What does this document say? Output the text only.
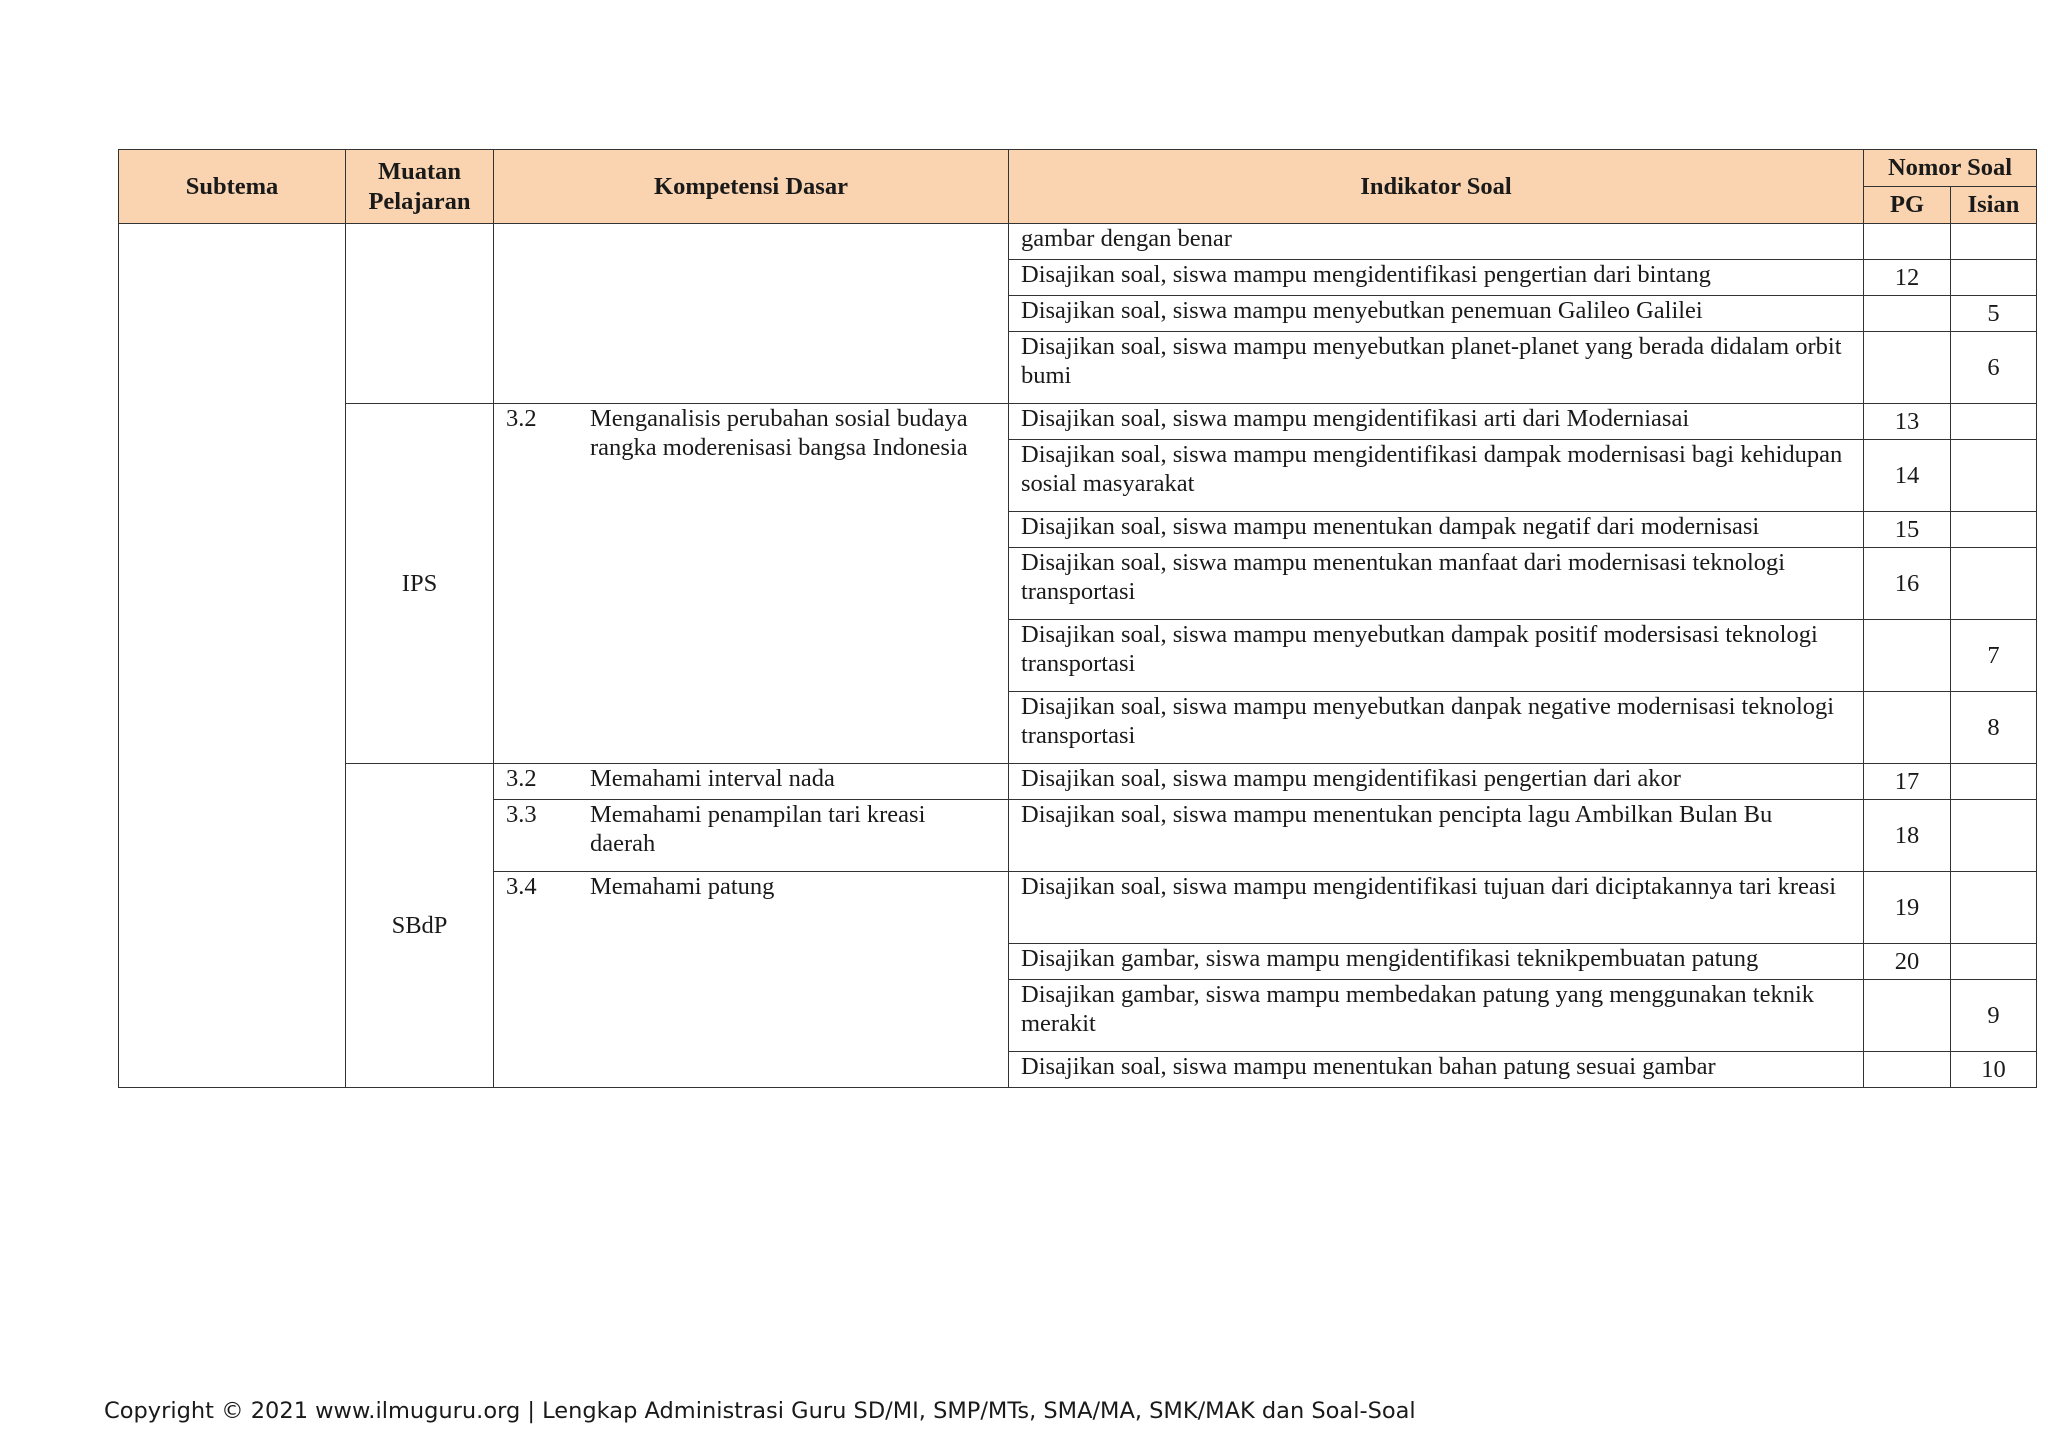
Subtema	Muatan Pelajaran	Kompetensi Dasar	Indikator Soal	Nomor Soal	
				PG	Isian
			gambar dengan benar		
			Disajikan soal, siswa mampu mengidentifikasi pengertian dari bintang	12	
			Disajikan soal, siswa mampu menyebutkan penemuan Galileo Galilei		5
			Disajikan soal, siswa mampu menyebutkan planet-planet yang berada didalam orbit bumi		6
	IPS	3.2 Menganalisis perubahan sosial budaya rangka moderenisasi bangsa Indonesia	Disajikan soal, siswa mampu mengidentifikasi arti dari Moderniasai	13	
			Disajikan soal, siswa mampu mengidentifikasi dampak modernisasi bagi kehidupan sosial masyarakat	14	
			Disajikan soal, siswa mampu menentukan dampak negatif dari modernisasi	15	
			Disajikan soal, siswa mampu menentukan manfaat dari modernisasi teknologi transportasi	16	
			Disajikan soal, siswa mampu menyebutkan dampak positif modersisasi teknologi transportasi		7
			Disajikan soal, siswa mampu menyebutkan danpak negative modernisasi teknologi transportasi		8
	SBdP	3.2 Memahami interval nada	Disajikan soal, siswa mampu mengidentifikasi pengertian dari akor	17	

		3.3 Memahami penampilan tari kreasi daerah	Disajikan soal, siswa mampu menentukan pencipta lagu Ambilkan Bulan Bu	18	

		3.4 Memahami patung	Disajikan soal, siswa mampu mengidentifikasi tujuan dari diciptakannya tari kreasi	19	
			Disajikan gambar, siswa mampu mengidentifikasi teknikpembuatan patung	20	
			Disajikan gambar, siswa mampu membedakan patung yang menggunakan teknik merakit		9
			Disajikan soal, siswa mampu menentukan bahan patung sesuai gambar		10
Copyright © 2021 www.ilmuguru.org | Lengkap Administrasi Guru SD/MI, SMP/MTs, SMA/MA, SMK/MAK dan Soal-Soal
